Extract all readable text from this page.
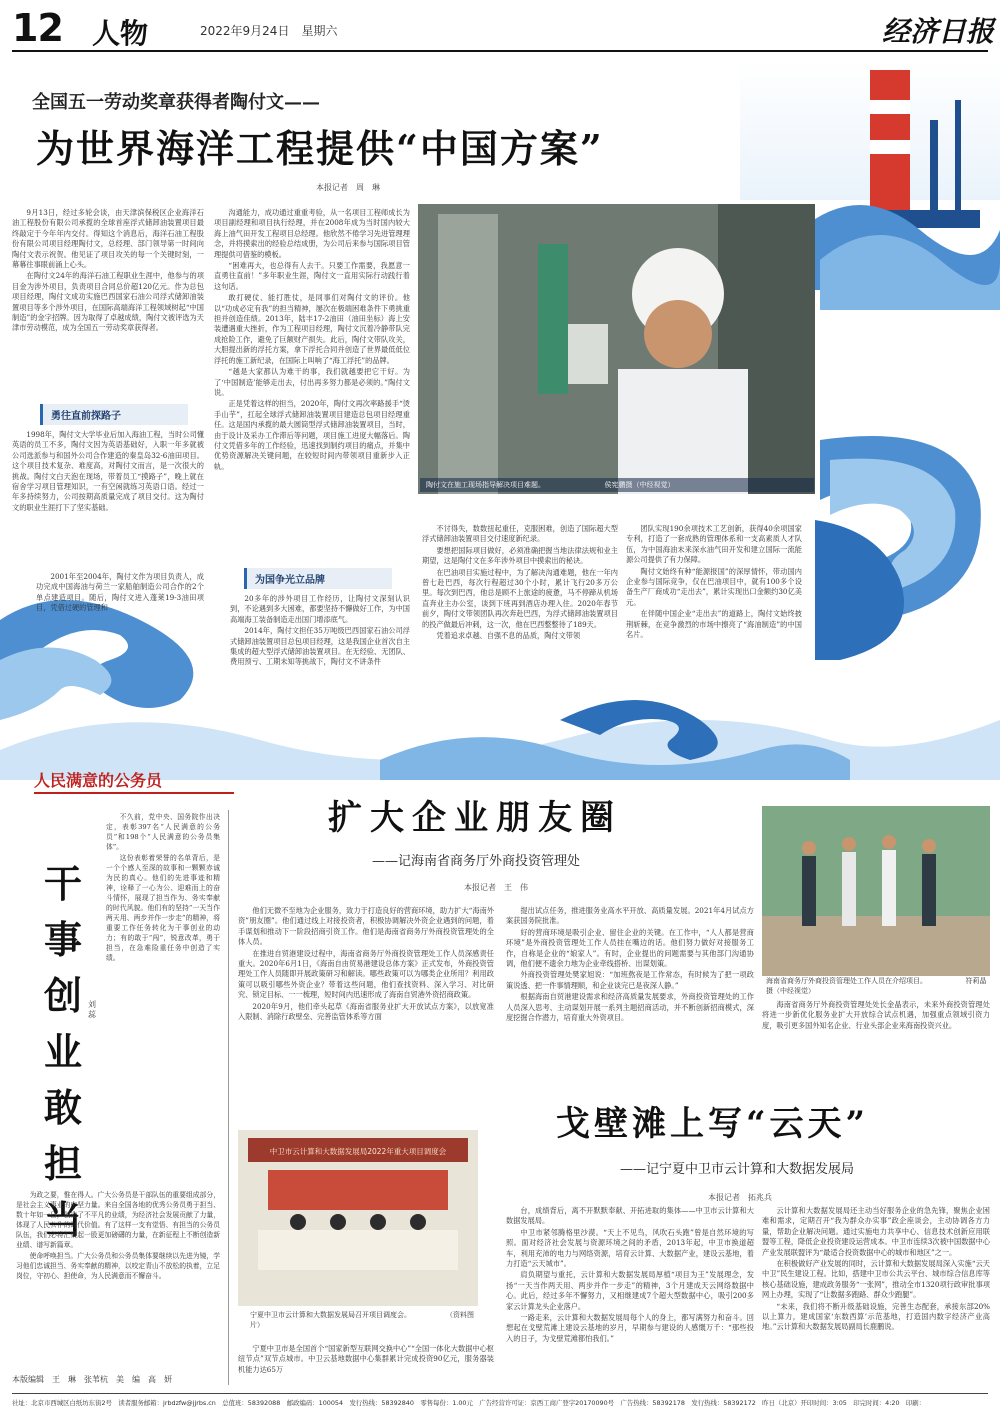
12 人物	2022年9月24日　星期六	经济日报
全国五一劳动奖章获得者陶付文——
为世界海洋工程提供“中国方案”
本报记者　周　琳

9月13日，经过多轮会谈，由天津滨保税区企业海洋石油工程股份有限公司承揽的全球首座浮式储卸油装置项目最终敲定于今年年内交付。得知这个消息后，海洋石油工程股份有限公司项目经理陶付文，总经理、部门领导第一时间向陶付文表示祝贺。他见证了项目攻关的每一个关键时刻，一幕幕往事眼前涌上心头。

在陶付文24年的海洋石油工程职业生涯中，他参与的项目金为涉外项目，负责项目合同总价超120亿元。作为总包项目经理，陶付文成功实施巴西国家石油公司浮式储卸油装置项目等多个涉外项目，在国际高端海洋工程领域树起“中国制造”的金字招牌。因为取得了卓越成绩，陶付文被评选为天津市劳动模范，成为全国五一劳动奖章获得者。

勇往直前探路子

1998年，陶付文大学毕业后加入海油工程，当时公司懂英语的员工不多，陶付文因为英语基础好，入职一年多就被公司选派参与和国外公司合作建造的秦皇岛32-6油田项目。这个项目技术复杂、难度高，对陶付文而言，是一次很大的挑战。陶付文白天泡在现场，带着员工“摸路子”，晚上就在宿舍学习项目管理知识，一有空闲就练习英语口语。经过一年多持续努力，公司按期高质量完成了项目交付。这为陶付文的职业生涯打下了坚实基础。

2001年至2004年，陶付文作为项目负责人，成功完成中国海油与荷兰一家船舶制造公司合作的2个单点建造项目。随后，陶付文进入蓬莱19-3油田项目，凭借过硬的管理和

沟通能力，成功通过重重考验，从一名项目工程师成长为项目副经理和项目执行经理，并在2008年成为当时国内较大海上油气田开发工程项目总经理。他欣然不倦学习先进管理理念，并将摸索出的经验总结成册，为公司后来参与国际项目管理提供可借鉴的模板。

“困难再大，也总得有人去干。只要工作需要，我愿意一直勇往直前！”多年职业生涯，陶付文一直用实际行动践行着这句话。

敢打硬仗、能打胜仗，是同事们对陶付文的评价。他以“功成必定有我”的担当精神，屡次在极端困难条件下勇挑重担并创造佳绩。2013年，陆丰17-2油田（油田坐标）海上安装遭遇重大挫折，作为工程项目经理，陶付文沉着冷静带队完成抢险工作，避免了巨额财产损失。此后，陶付文带队攻关，大胆提出新的浮托方案，拿下浮托合同并创造了世界最低低位浮托的施工新纪录，在国际上叫响了“海工浮托”的品牌。

“越是大家都认为难干的事，我们就越要把它干好。为了‘中国制造’能够走出去，付出再多努力都是必须的。”陶付文说。

正是凭着这样的担当，2020年，陶付文再次率路援手“烫手山芋”，扛起全球浮式储卸油装置项目建造总包项目经理重任。这是国内承揽的最大圆筒型浮式储卸油装置项目，当时，由于设计及采办工作滞后等问题，项目施工进度大幅落后。陶付文凭借多年的工作经验，迅速找到制约项目的痛点，并集中优势资源解决关键问题，在较短时间内带领项目重新步入正轨。

为国争光立品牌

20多年的涉外项目工作经历，让陶付文深刻认识到，不论遇到多大困难，都要坚持不懈做好工作，为中国高端海工装备制造走出国门增添底气。

2014年，陶付文担任35万吨级巴西国家石油公司浮式储卸油装置项目总包项目经理，这是我国企业首次自主集成的超大型浮式储卸油装置项目。在无经验、无团队、费用预亏、工期未知等挑战下，陶付文不讲条件

陶付文在施工现场指导解决项目难题。　　　　　　　　　侯宪鹏摄（中经视觉）

不讨得失，数数扭起重任，克服困难，创造了国际超大型浮式储卸油装置项目交付速度新纪录。

要想把国际项目做好，必须准确把握当地法律法规和业主期望，这是陶付文在多年涉外项目中摸索出的秘诀。

在巴油项目实施过程中，为了解决沟通难题，他在一年内曾七赴巴西，每次行程超过30个小时，累计飞行20多万公里。每次到巴西，他总是顾不上旅途的疲惫，马不停蹄从机场直奔业主办公室，谈到下班再到酒店办理入住。2020年春节前夕，陶付文带领团队再次奔赴巴西，为浮式储卸油装置项目的投产做最后冲刺，这一次，他在巴西整整待了189天。

凭着追求卓越、自强不息的品质，陶付文带领

团队实现190余项技术工艺创新，获得40余项国家专利，打造了一套成熟的管理体系和一支高素质人才队伍，为中国海油未来深水油气田开发和建立国际一流能源公司提供了有力保障。

陶付文始终有种“能源报国”的深厚情怀，带动国内企业参与国际竞争，仅在巴油项目中，就有100多个设备生产厂商成功“走出去”，累计实现出口金额约30亿美元。

在伴随中国企业“走出去”的道路上，陶付文始终披荆斩棘，在竞争激烈的市场中擦亮了“海油制造”的中国名片。

人民满意的公务员
干事创业敢担当
刘蕊

不久前，党中央、国务院作出决定，表彰397名“人民满意的公务员”和198个“人民满意的公务员集体”。

这份表彰着荣誉的名单背后，是一个个感人至深的故事和一颗颗赤诚为民的真心。他们的先进事迹和精神，诠释了一心为公、迎难而上的奋斗情怀，展现了担当作为、务实奉献的时代风貌。他们有的坚持“一天当作两天用、两步并作一步走”的精神，将重要工作任务转化为干事创业的动力；有的敢于“闯”，锐意改革，勇于担当，在急难险重任务中创造了实绩。

为政之要，惟在得人。广大公务员是干部队伍的重要组成部分，是社会主义事业的中坚力量。来自全国各地的优秀公务员勇于担当、数十年如一日，创造了不平凡的业绩，为经济社会发展贡献了力量，体现了人民公仆的时代价值。有了这样一支有觉悟、有担当的公务员队伍，我们必将汇聚起一股更加磅礴的力量，在新征程上不断创造新业绩、谱写新篇章。

使命呼唤担当。广大公务员和公务员集体要继续以先进为镜，学习他们忠诚担当、务实奉献的精神，以咬定青山不放松的执着，立足岗位，守初心、担使命，为人民满意而不懈奋斗。

扩大企业朋友圈
——记海南省商务厅外商投资管理处
本报记者　王　伟

他们无微不至地为企业服务，致力于打造良好的营商环境，助力扩大“海南外资”朋友圈”。他们通过线上对接投资者，积极协调解决外资企业遇到的问题，着手谋划和推动下一阶段招商引资工作。他们是海南省商务厅外商投资管理处的全体人员。

在推进自贸港建设过程中，海南省商务厅外商投资管理处工作人员深感责任重大。2020年6月1日，《海南自由贸易港建设总体方案》正式发布，外商投资管理处工作人员随即开展政策研习和解读。哪些政策可以为哪类企业所用？利用政策可以吸引哪些外资企业？带着这些问题，他们查找资料、深入学习、对比研究、锁定目标、一一梳理，短时间内迅速形成了海南自贸港外资招商政策。

2020年9月，他们牵头起草《海南省服务业扩大开放试点方案》，以放宽准入限制、消除行政壁垒、完善监管体系等方面

提出试点任务，推进服务业高水平开放、高质量发展。2021年4月试点方案获国务院批准。

好的营商环境是吸引企业、留住企业的关键。在工作中，“人人都是营商环境”是外商投资管理处工作人员挂在嘴边的话。他们努力做好对接服务工作，自称是企业的“娘家人”。有时，企业提出的问题需要与其他部门沟通协调，他们便不遗余力地为企业牵线搭桥、出谋划策。

外商投资管理处樊家旭说：“加班熬夜是工作常态，有时候为了把一项政策说透、把一件事情理顺，和企业谈完已是夜深人静。”

根据海南自贸港建设需求和经济高质量发展要求，外商投资管理处的工作人员深入思考、主动谋划开展一系列主题招商活动，并不断创新招商模式，深度挖掘合作潜力，培育重大外资项目。

海南省商务厅外商投资管理处工作人员在介绍项目。　　　　　　符莉晶摄（中经视觉）

海南省商务厅外商投资管理处处长金晶表示，未来外商投资管理处将进一步新优化服务业扩大开放综合试点机遇，加强重点领域引资力度，吸引更多国外知名企业、行业头部企业来海南投资兴业。

戈壁滩上写“云天”
——记宁夏中卫市云计算和大数据发展局
本报记者　拓兆兵
中卫市云计算和大数据发展局2022年重大项目调度会
宁夏中卫市云计算和大数据发展局召开项目调度会。　　　　　　（资料图片）

宁夏中卫市是全国首个“国家新型互联网交换中心”“全国一体化大数据中心枢纽节点”双节点城市。中卫云基地数据中心集群累计完成投资90亿元，服务器装机能力达65万

台，成绩背后，离不开默默奉献、开拓进取的集体——中卫市云计算和大数据发展局。

中卫市紧邻腾格里沙漠。“天上不见鸟，风吹石头跑”曾是自然环境的写照。面对经济社会发展与资源环境之间的矛盾，2013年起，中卫市换道超车，利用充沛的电力与网络资源，培育云计算、大数据产业，建设云基地，着力打造“云天城市”。

肩负期望与重托，云计算和大数据发展局厚植“项目为王”发展理念，发扬“一天当作两天用、两步并作一步走”的精神，3个月建成天云网络数据中心。此后，经过多年不懈努力，又相继建成7个超大型数据中心，吸引200多家云计算龙头企业落户。

一路走来，云计算和大数据发展局每个人的身上，都写满努力和奋斗。回想起在戈壁荒滩上建设云基地的岁月，早期参与建设的人感慨万千：“那些投入的日子，为戈壁荒滩都怕我们。”

云计算和大数据发展局还主动当好服务企业的急先锋，聚焦企业困难和需求，定期召开“我为群众办实事”政企座谈会，主动协调各方力量，帮助企业解决问题。通过实施电力共享中心、信息技术创新应用联盟等工程，降低企业投资建设运营成本。中卫市连续3次被中国数据中心产业发展联盟评为“最适合投资数据中心的城市和地区”之一。

在积极做好产业发展的同时，云计算和大数据发展局深入实施“云天中卫”民生建设工程。比如，搭建中卫市公共云平台、城市综合信息库等核心基础设施，建成政务服务“一张网”，推动全市1320项行政审批事项网上办理，实现了“让数据多跑路、群众少跑腿”。

“未来，我们将不断升级基础设施，完善生态配套，承接东部20%以上算力，建成国家‘东数西算’示范基地，打造国内数字经济产业高地。”云计算和大数据发展局副局长鹿鹏说。

本版编辑　王　琳　张苇杭　美　编　高　妍
社址：北京市西城区白纸坊东街2号　读者服务邮箱：jrbdzfw@jjrbs.cn　总值班：58392088　邮政编码：100054　发行热线：58392840　零售每份：1.00元　广告经营许可证：京西工商广登字20170090号　广告热线：58392178　发行热线：58392172　昨日（北京）开印时间：3:05　印完时间：4:20　印刷：
